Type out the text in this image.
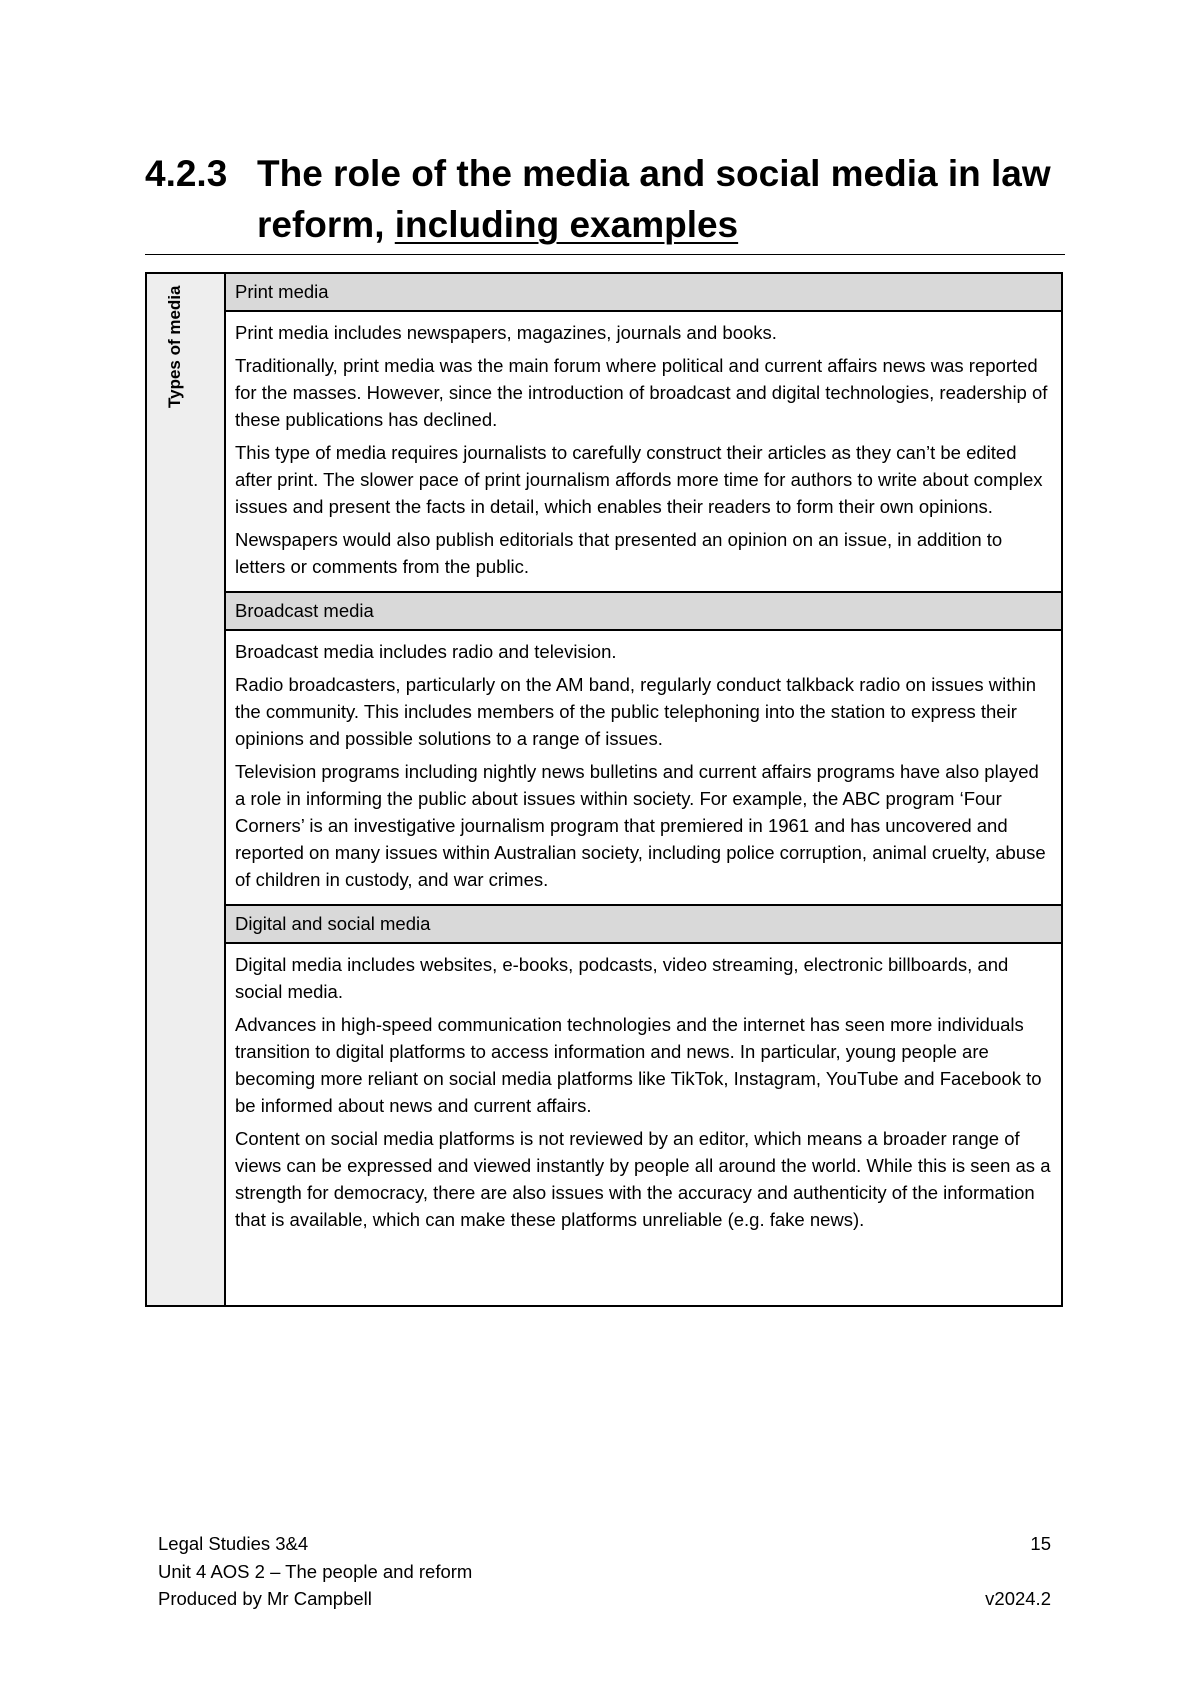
4.2.3 The role of the media and social media in law reform, including examples
Types of media	Print media

Print media includes newspapers, magazines, journals and books.

Traditionally, print media was the main forum where political and current affairs news was reported for the masses. However, since the introduction of broadcast and digital technologies, readership of these publications has declined.

This type of media requires journalists to carefully construct their articles as they can’t be edited after print. The slower pace of print journalism affords more time for authors to write about complex issues and present the facts in detail, which enables their readers to form their own opinions.

Newspapers would also publish editorials that presented an opinion on an issue, in addition to letters or comments from the public.

Broadcast media

Broadcast media includes radio and television.

Radio broadcasters, particularly on the AM band, regularly conduct talkback radio on issues within the community. This includes members of the public telephoning into the station to express their opinions and possible solutions to a range of issues.

Television programs including nightly news bulletins and current affairs programs have also played a role in informing the public about issues within society. For example, the ABC program ‘Four Corners’ is an investigative journalism program that premiered in 1961 and has uncovered and reported on many issues within Australian society, including police corruption, animal cruelty, abuse of children in custody, and war crimes.

Digital and social media

Digital media includes websites, e-books, podcasts, video streaming, electronic billboards, and social media.

Advances in high-speed communication technologies and the internet has seen more individuals transition to digital platforms to access information and news. In particular, young people are becoming more reliant on social media platforms like TikTok, Instagram, YouTube and Facebook to be informed about news and current affairs.

Content on social media platforms is not reviewed by an editor, which means a broader range of views can be expressed and viewed instantly by people all around the world. While this is seen as a strength for democracy, there are also issues with the accuracy and authenticity of the information that is available, which can make these platforms unreliable (e.g. fake news).

Legal Studies 3&4	15
Unit 4 AOS 2 – The people and reform
Produced by Mr Campbell	v2024.2
